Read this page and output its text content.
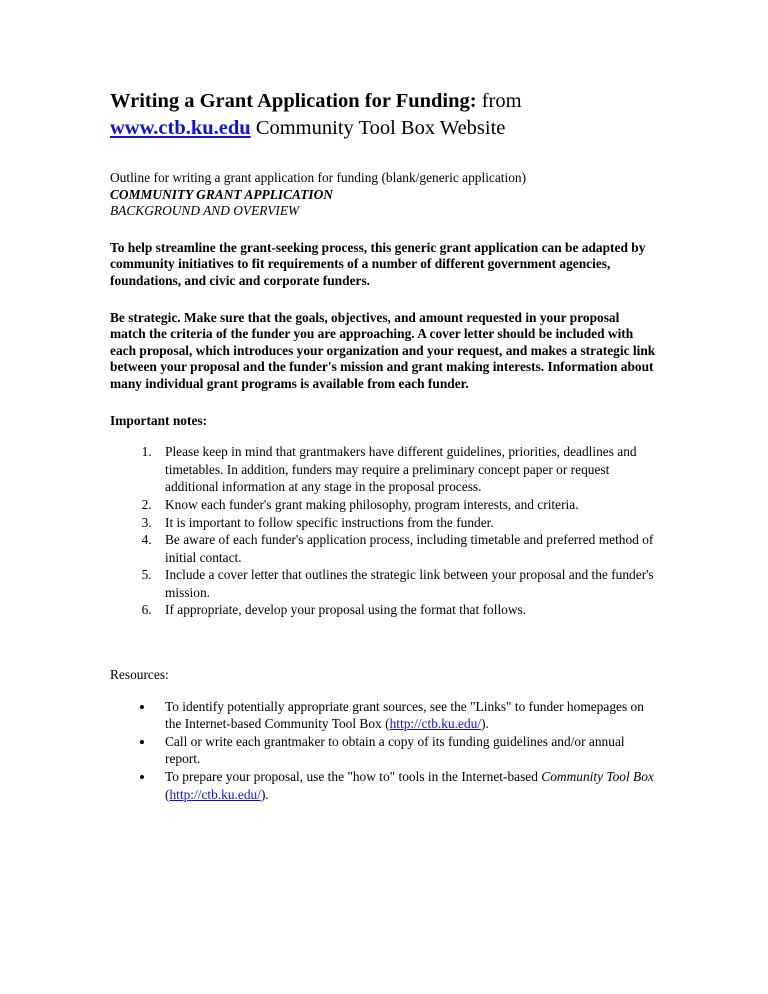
Writing a Grant Application for Funding: from www.ctb.ku.edu Community Tool Box Website

Outline for writing a grant application for funding (blank/generic application)

COMMUNITY GRANT APPLICATION

BACKGROUND AND OVERVIEW

To help streamline the grant-seeking process, this generic grant application can be adapted by community initiatives to fit requirements of a number of different government agencies, foundations, and civic and corporate funders.

Be strategic. Make sure that the goals, objectives, and amount requested in your proposal match the criteria of the funder you are approaching. A cover letter should be included with each proposal, which introduces your organization and your request, and makes a strategic link between your proposal and the funder's mission and grant making interests. Information about many individual grant programs is available from each funder.

Important notes:

1. Please keep in mind that grantmakers have different guidelines, priorities, deadlines and timetables. In addition, funders may require a preliminary concept paper or request additional information at any stage in the proposal process.
2. Know each funder's grant making philosophy, program interests, and criteria.
3. It is important to follow specific instructions from the funder.
4. Be aware of each funder's application process, including timetable and preferred method of initial contact.
5. Include a cover letter that outlines the strategic link between your proposal and the funder's mission.
6. If appropriate, develop your proposal using the format that follows.

Resources:

• To identify potentially appropriate grant sources, see the "Links" to funder homepages on the Internet-based Community Tool Box (http://ctb.ku.edu/).
• Call or write each grantmaker to obtain a copy of its funding guidelines and/or annual report.
• To prepare your proposal, use the "how to" tools in the Internet-based Community Tool Box (http://ctb.ku.edu/).
